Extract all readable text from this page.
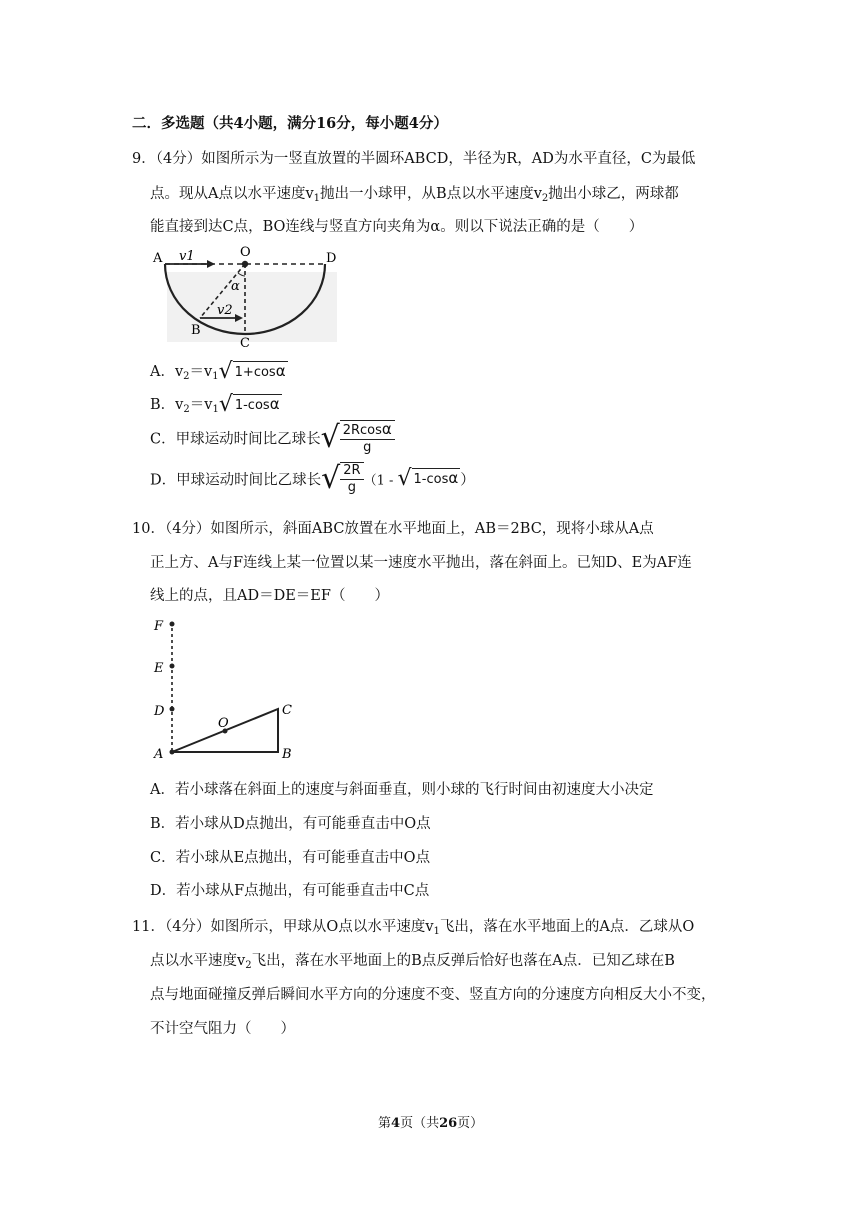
二．多选题（共4小题，满分16分，每小题4分）
9．（4分）如图所示为一竖直放置的半圆环ABCD，半径为R，AD为水平直径，C为最低
点。现从A点以水平速度$v_1$抛出一小球甲，从B点以水平速度$v_2$抛出小球乙，两球都
能直接到达C点，BO连线与竖直方向夹角为α。则以下说法正确的是（　　）
A v1	O	D
α
v2
B
C
A．$v_2=v_1√$ 1+cosα
B．$v_2=v_1√$ 1-cosα
C．甲球运动时间比乙球长√ $\frac{2Rcos\alpha}{g}$
D．甲球运动时间比乙球长√ $\frac{2R}{g} (1$ - √ 1-cosα ）
10．（4分）如图所示，斜面ABC放置在水平地面上，AB＝2BC，现将小球从A点
正上方、A与F连线上某一位置以某一速度水平抛出，落在斜面上。已知D、E为AF连
线上的点，且AD＝DE＝EF（　　）
F
E
D
A
O
C
B
A．若小球落在斜面上的速度与斜面垂直，则小球的飞行时间由初速度大小决定
B．若小球从D点抛出，有可能垂直击中O点
C．若小球从E点抛出，有可能垂直击中O点
D．若小球从F点抛出，有可能垂直击中C点
11．（4分）如图所示，甲球从O点以水平速度$v_1$飞出，落在水平地面上的A点．乙球从O
点以水平速度$v_2$飞出，落在水平地面上的B点反弹后恰好也落在A点．已知乙球在B
点与地面碰撞反弹后瞬间水平方向的分速度不变、竖直方向的分速度方向相反大小不变，
不计空气阻力（　　）
第4页（共26页）
